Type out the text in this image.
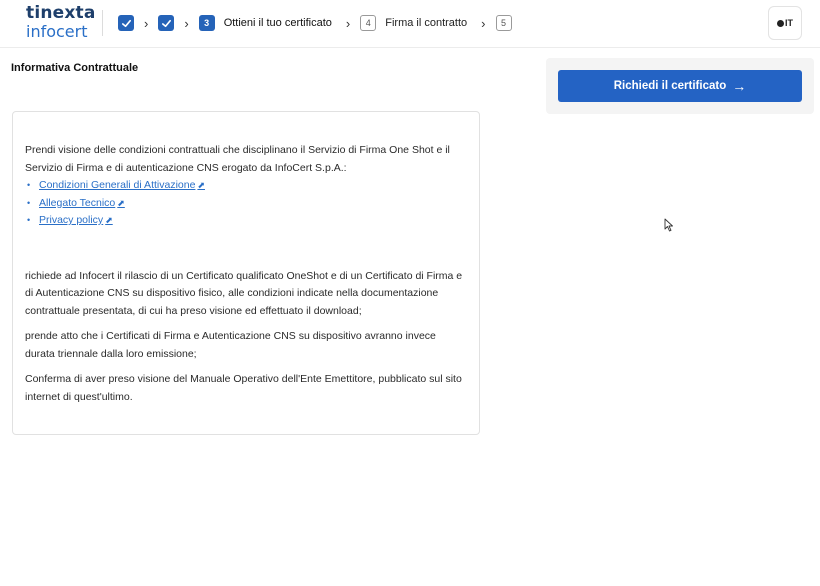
tinexta
infocert	›	›	3	Ottieni il tuo certificato ›	4	Firma il contratto ›	5	IT
Informativa Contrattuale

Prendi visione delle condizioni contrattuali che disciplinano il Servizio di Firma One Shot e il Servizio di Firma e di autenticazione CNS erogato da InfoCert S.p.A.:

• Condizioni Generali di Attivazione ⬈
• Allegato Tecnico ⬈
• Privacy policy ⬈

richiede ad Infocert il rilascio di un Certificato qualificato OneShot e di un Certificato di Firma e di Autenticazione CNS su dispositivo fisico, alle condizioni indicate nella documentazione contrattuale presentata, di cui ha preso visione ed effettuato il download;

prende atto che i Certificati di Firma e Autenticazione CNS su dispositivo avranno invece durata triennale dalla loro emissione;

Conferma di aver preso visione del Manuale Operativo dell'Ente Emettitore, pubblicato sul sito internet di quest'ultimo.

Richiedi il certificato →
